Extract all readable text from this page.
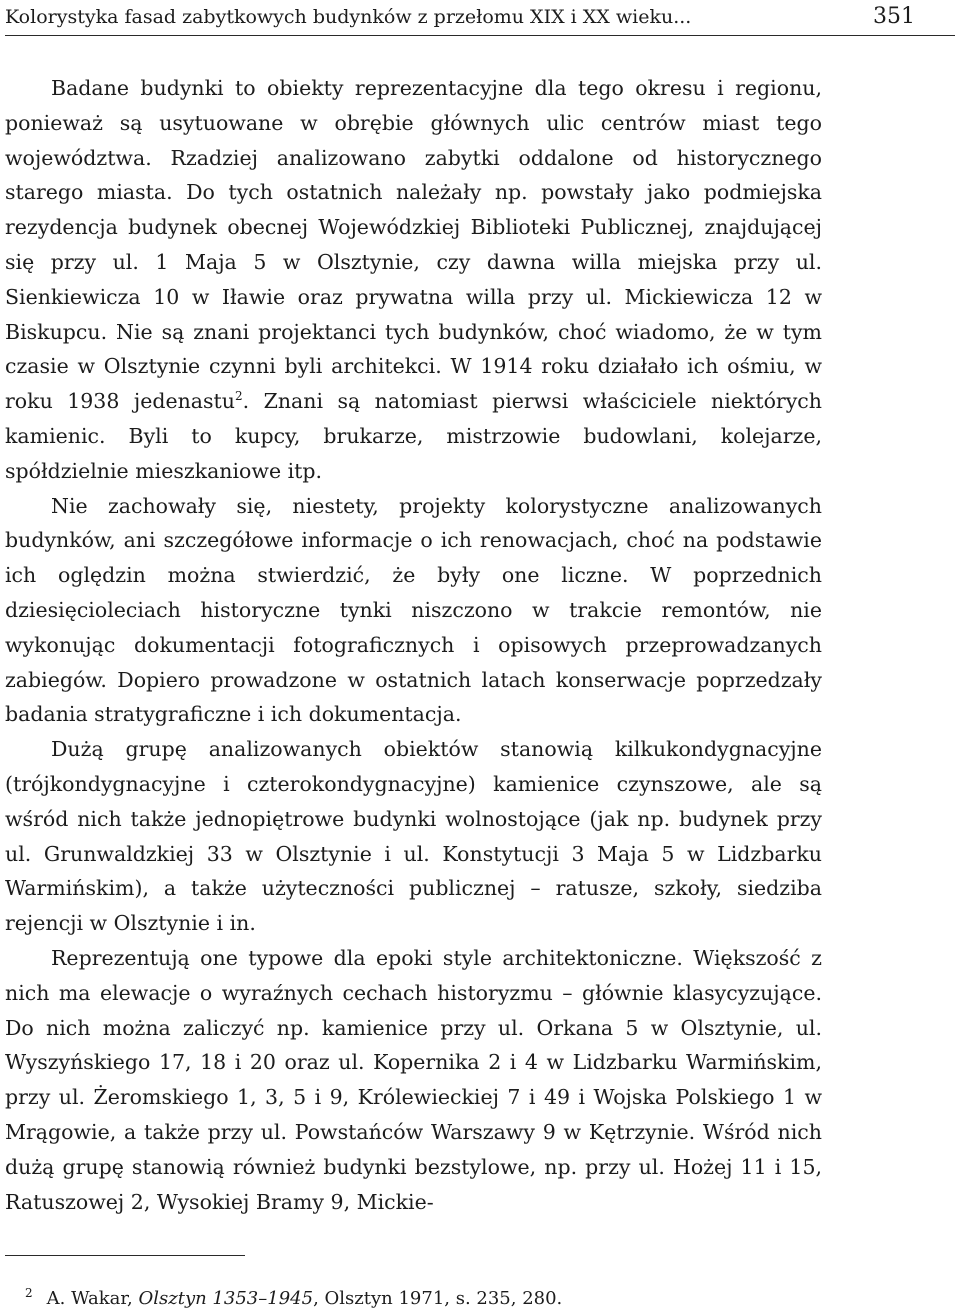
Kolorystyka fasad zabytkowych budynków z przełomu XIX i XX wieku...	351

Badane budynki to obiekty reprezentacyjne dla tego okresu i regionu, ponieważ są usytuowane w obrębie głównych ulic centrów miast tego województwa. Rzadziej analizowano zabytki oddalone od historycznego starego miasta. Do tych ostatnich należały np. powstały jako podmiejska rezydencja budynek obecnej Wojewódzkiej Biblioteki Publicznej, znajdującej się przy ul. 1 Maja 5 w Olsztynie, czy dawna willa miejska przy ul. Sienkiewicza 10 w Iławie oraz prywatna willa przy ul. Mickiewicza 12 w Biskupcu. Nie są znani projektanci tych budynków, choć wiadomo, że w tym czasie w Olsztynie czynni byli architekci. W 1914 roku działało ich ośmiu, w roku 1938 jedenastu$^2$. Znani są natomiast pierwsi właściciele niektórych kamienic. Byli to kupcy, brukarze, mistrzowie budowlani, kolejarze, spółdzielnie mieszkaniowe itp.

Nie zachowały się, niestety, projekty kolorystyczne analizowanych budynków, ani szczegółowe informacje o ich renowacjach, choć na podstawie ich oględzin można stwierdzić, że były one liczne. W poprzednich dziesięcioleciach historyczne tynki niszczono w trakcie remontów, nie wykonując dokumentacji fotograficznych i opisowych przeprowadzanych zabiegów. Dopiero prowadzone w ostatnich latach konserwacje poprzedzały badania stratygraficzne i ich dokumentacja.

Dużą grupę analizowanych obiektów stanowią kilkukondygnacyjne (trójkondygnacyjne i czterokondygnacyjne) kamienice czynszowe, ale są wśród nich także jednopiętrowe budynki wolnostojące (jak np. budynek przy ul. Grunwaldzkiej 33 w Olsztynie i ul. Konstytucji 3 Maja 5 w Lidzbarku Warmińskim), a także użyteczności publicznej – ratusze, szkoły, siedziba rejencji w Olsztynie i in.

Reprezentują one typowe dla epoki style architektoniczne. Większość z nich ma elewacje o wyraźnych cechach historyzmu – głównie klasycyzujące. Do nich można zaliczyć np. kamienice przy ul. Orkana 5 w Olsztynie, ul. Wyszyńskiego 17, 18 i 20 oraz ul. Kopernika 2 i 4 w Lidzbarku Warmińskim, przy ul. Żeromskiego 1, 3, 5 i 9, Królewieckiej 7 i 49 i Wojska Polskiego 1 w Mrągowie, a także przy ul. Powstańców Warszawy 9 w Kętrzynie. Wśród nich dużą grupę stanowią również budynki bezstylowe, np. przy ul. Hożej 11 i 15, Ratuszowej 2, Wysokiej Bramy 9, Mickie-

$^2$ A. Wakar, Olsztyn 1353–1945, Olsztyn 1971, s. 235, 280.
